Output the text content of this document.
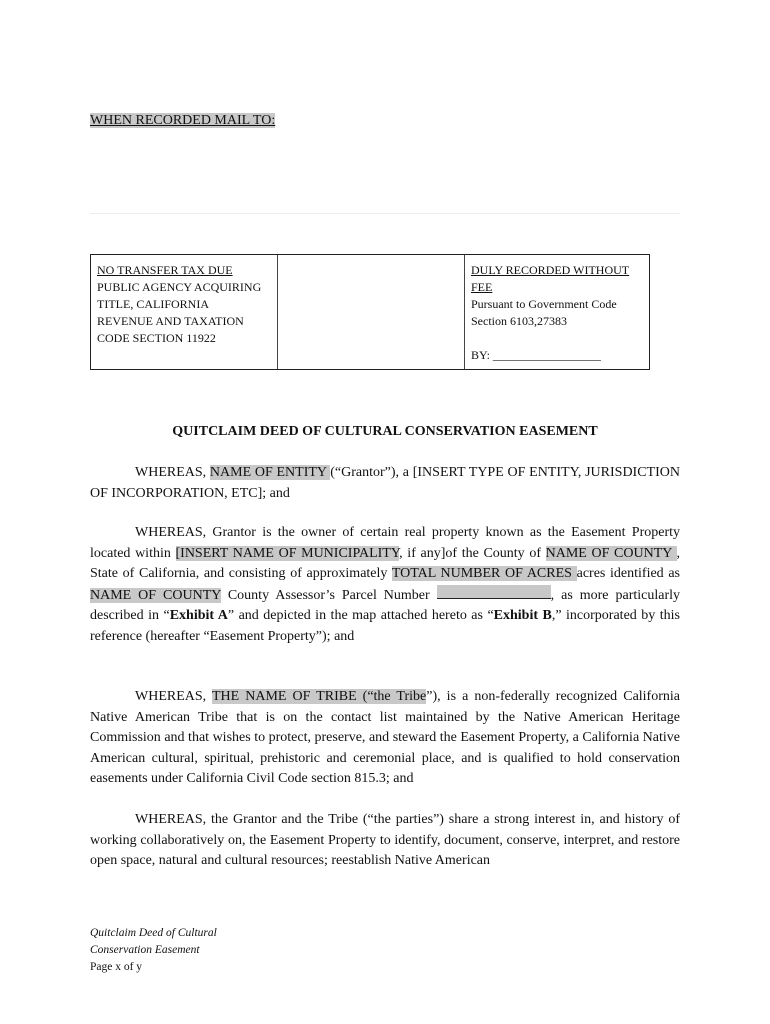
WHEN RECORDED MAIL TO:
NO TRANSFER TAX DUE
PUBLIC AGENCY ACQUIRING
TITLE, CALIFORNIA
REVENUE AND TAXATION
CODE SECTION 11922
DULY RECORDED WITHOUT
FEE
Pursuant to Government Code
Section 6103,27383
BY: __________________
QUITCLAIM DEED OF CULTURAL CONSERVATION EASEMENT
WHEREAS, NAME OF ENTITY (“Grantor”), a [INSERT TYPE OF ENTITY, JURISDICTION OF INCORPORATION, ETC]; and
WHEREAS, Grantor is the owner of certain real property known as the Easement Property located within [INSERT NAME OF MUNICIPALITY, if any]of the County of NAME OF COUNTY , State of California, and consisting of approximately TOTAL NUMBER OF ACRES acres identified as NAME OF COUNTY County Assessor’s Parcel Number	, as more particularly described in “Exhibit A” and depicted in the map attached hereto as “Exhibit B,” incorporated by this reference (hereafter “Easement Property”); and
WHEREAS, THE NAME OF TRIBE (“the Tribe”), is a non-federally recognized California Native American Tribe that is on the contact list maintained by the Native American Heritage Commission and that wishes to protect, preserve, and steward the Easement Property, a California Native American cultural, spiritual, prehistoric and ceremonial place, and is qualified to hold conservation easements under California Civil Code section 815.3; and
WHEREAS, the Grantor and the Tribe (“the parties”) share a strong interest in, and history of working collaboratively on, the Easement Property to identify, document, conserve, interpret, and restore open space, natural and cultural resources; reestablish Native American
Quitclaim Deed of Cultural
Conservation Easement
Page x of y
